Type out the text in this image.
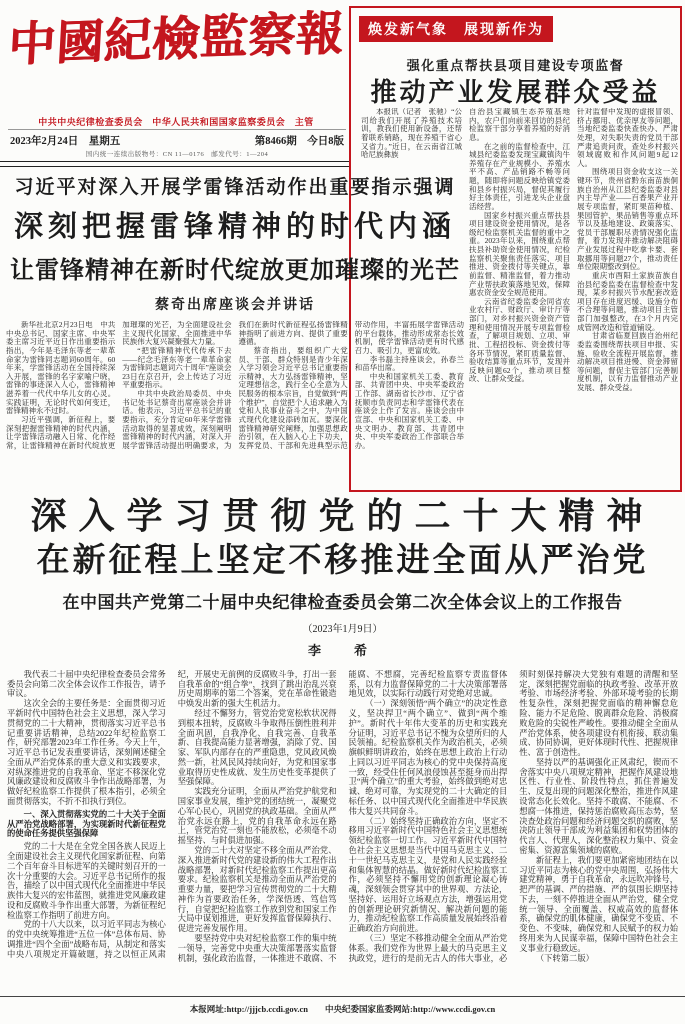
焕发新气象　展现新作为
强化重点帮扶县项目建设专项监督
推动产业发展群众受益

本报讯（记者　张驰）“公司给我们开展了养殖技术培训，教我们使用新设备，还帮着联系销路，现在养殖干省心又省力。”近日，在云南省江城哈尼族彝族

自治县宝藏镇生态养殖基地内，农户们向前来回访的县纪检监察干部分享着养殖的好消息。

在之前的监督检查中，江城县纪委监委发现宝藏镇肉牛养殖存在产业规模小、养殖水平不高、产品销路不畅等问题，随即将问题反映给镇党委和县乡村振兴局，督促其履行好主体责任，引进龙头企业盘活经营。

国家乡村振兴重点帮扶县项目建设资金使用情况，是各级纪检监察机关监督的重中之重。2023年以来，围绕重点帮扶县补助资金使用情况，纪检监察机关聚焦责任落实、项目推进、资金拨付等关键点，靠前监督、精准监督，着力推动产业帮扶政策落地见效，保障惠农资金安全规范使用。

云南省纪委监委会同省农业农村厅、财政厅、审计厅等部门，对乡村振兴资金资产管理和使用情况开展专项监督检查，了解项目规划、立项、审批、工程招投标、资金拨付等各环节情况，紧盯质量监督、验收结算等重点环节，发现并反映问题62个，推动项目整改、让群众受益。

针对监督中发现的虚报冒领、挤占挪用、优亲厚友等问题，当地纪委监委快查快办、严肃处理，对失职失责的党员干部严肃追责问责，查处乡村振兴领域腐败和作风问题9起12人。

围绕项目资金收支这一关键环节，贵州省黔东南苗族侗族自治州从江县纪委监委对县内主导产业——百香果产业开展专项监督，紧盯果苗种植、果园管护、果品销售等重点环节以及基地建设、政策落实、党员干部履职尽责情况强化监督，着力发现并推动解决阻碍产业发展过程中吃拿卡要、套取挪用等问题27个，推动责任单位限期整改到位。

重庆市酉阳土家族苗族自治县纪委监委在监督检查中发现，某乡村振兴节水配套改造项目存在进度迟缓、设施分布不合理等问题，推动项目主管部门加强整改，在3个月内完成管网改造和管道铺设。

甘肃省临夏回族自治州纪委监委围绕帮扶项目申报、实施、验收全流程开展监督，推动解决项目推进慢、资金滞留等问题，督促主管部门完善制度机制，以有力监督推动产业发展、群众受益。

中國紀檢監察報
中共中央纪律检查委员会　中华人民共和国国家监察委员会　主管
2023年2月24日　星期五	第8466期　今日8版
国内统一连续出版物号：CN 11—0176　邮发代号：1—204
习近平对深入开展学雷锋活动作出重要指示强调
深刻把握雷锋精神的时代内涵
让雷锋精神在新时代绽放更加璀璨的光芒
蔡奇出席座谈会并讲话

新华社北京2月23日电　中共中央总书记、国家主席、中央军委主席习近平近日作出重要指示指出，今年是毛泽东等老一辈革命家为雷锋同志题词60周年。60年来，学雷锋活动在全国持续深入开展，雷锋的名字家喻户晓，雷锋的事迹深入人心，雷锋精神滋养着一代代中华儿女的心灵。实践证明，无论时代如何变迁，雷锋精神永不过时。

习近平强调，新征程上，要深刻把握雷锋精神的时代内涵，让学雷锋活动融入日常、化作经常，让雷锋精神在新时代绽放更加璀璨的光芒，为全面建设社会主义现代化国家、全面推进中华民族伟大复兴凝聚强大力量。

“把雷锋精神代代传承下去——纪念毛泽东等老一辈革命家为雷锋同志题词六十周年”座谈会23日在京召开，会上传达了习近平重要指示。

中共中央政治局委员、中央书记处书记蔡奇出席座谈会并讲话。他表示，习近平总书记的重要指示，充分肯定60年来学雷锋活动取得的显著成效，深刻阐明雷锋精神的时代内涵，对深入开展学雷锋活动提出明确要求，为我们在新时代新征程弘扬雷锋精神指明了前进方向、提供了重要遵循。

蔡奇指出，要组织广大党员、干部、群众特别是青少年深入学习领会习近平总书记重要指示精神，大力弘扬雷锋精神，坚定理想信念，践行全心全意为人民服务的根本宗旨，自觉做到“两个维护”，自觉把个人追求融入为党和人民事业奋斗之中，为中国式现代化建设添砖加瓦。要深化雷锋精神研究阐释，加强思想政治引领，在入脑入心上下功夫，发挥党员、干部和先进典型示范带动作用，丰富拓展学雷锋活动的平台载体，推动形成常态长效机制，使学雷锋活动更有时代感召力、吸引力，更富成效。

李书磊主持座谈会，孙春兰和苗华出席。

中央和国家机关工委、教育部、共青团中央、中央军委政治工作部、湖南省长沙市、辽宁省抚顺市负责同志和学雷锋代表在座谈会上作了发言。座谈会由中宣部、中央和国家机关工委、中央文明办、教育部、共青团中央、中央军委政治工作部联合举办。

深入学习贯彻党的二十大精神
在新征程上坚定不移推进全面从严治党
在中国共产党第二十届中央纪律检查委员会第二次全体会议上的工作报告
（2023年1月9日）
李　希

我代表二十届中央纪律检查委员会常务委员会向第二次全体会议作工作报告，请予审议。

这次全会的主要任务是：全面贯彻习近平新时代中国特色社会主义思想，深入学习贯彻党的二十大精神，贯彻落实习近平总书记重要讲话精神，总结2022年纪检监察工作，研究部署2023年工作任务。今天上午，习近平总书记发表重要讲话，深刻阐述健全全面从严治党体系的重大意义和实践要求，对纵深推进党的自我革命、坚定不移深化党风廉政建设和反腐败斗争作出战略部署，为做好纪检监察工作提供了根本指引，必须全面贯彻落实，不折不扣执行到位。

一、深入贯彻落实党的二十大关于全面从严治党战略部署，为实现新时代新征程党的使命任务提供坚强保障

党的二十大是在全党全国各族人民迈上全面建设社会主义现代化国家新征程、向第二个百年奋斗目标进军的关键时刻召开的一次十分重要的大会。习近平总书记所作的报告，描绘了以中国式现代化全面推进中华民族伟大复兴的宏伟蓝图，就推进党风廉政建设和反腐败斗争作出重大部署，为新征程纪检监察工作指明了前进方向。

党的十八大以来，以习近平同志为核心的党中央统筹推进“五位一体”总体布局、协调推进“四个全面”战略布局，从制定和落实中央八项规定开篇破题，持之以恒正风肃纪，开展史无前例的反腐败斗争，打出一套自我革命的“组合拳”，找到了跳出治乱兴衰历史周期率的第二个答案，党在革命性锻造中焕发出新的强大生机活力。

经过不懈努力，管党治党宽松软状况得到根本扭转，反腐败斗争取得压倒性胜利并全面巩固，自我净化、自我完善、自我革新、自我提高能力显著增强，消除了党、国家、军队内部存在的严重隐患，党风政风焕然一新，社风民风持续向好，为党和国家事业取得历史性成就、发生历史性变革提供了坚强保障。

实践充分证明，全面从严治党护航党和国家事业发展，维护党的团结统一，凝聚党心军心民心，巩固党的执政基础。全面从严治党永远在路上，党的自我革命永远在路上，管党治党一刻也不能放松，必须毫不动摇坚持、与时俱进加强。

党的二十大对坚定不移全面从严治党、深入推进新时代党的建设新的伟大工程作出战略部署，对新时代纪检监察工作提出更高要求。纪检监察机关是推动全面从严治党的重要力量，要把学习宣传贯彻党的二十大精神作为首要政治任务，学深悟透、笃信笃行，自觉把纪检监察工作放到党和国家工作大局中谋划推进，更好发挥监督保障执行、促进完善发展作用。

要坚持党中央对纪检监察工作的集中统一领导，完善党中央重大决策部署落实监督机制，强化政治监督，一体推进不敢腐、不能腐、不想腐，完善纪检监察专责监督体系，以有力监督保障党的二十大决策部署落地见效，以实际行动践行对党绝对忠诚。

（一）深刻领悟“两个确立”的决定性意义，坚决捍卫“两个确立”、做到“两个维护”。新时代十年伟大变革的历史和实践充分证明，习近平总书记不愧为众望所归的人民领袖。纪检监察机关作为政治机关，必须旗帜鲜明讲政治，始终在思想上政治上行动上同以习近平同志为核心的党中央保持高度一致，经受住任何风浪侵蚀甚至挺身而出捍卫“两个确立”的重大考验，始终做到绝对忠诚、绝对可靠，为实现党的二十大确定的目标任务、以中国式现代化全面推进中华民族伟大复兴共同奋斗。

（二）始终坚持正确政治方向，坚定不移用习近平新时代中国特色社会主义思想统领纪检监察一切工作。习近平新时代中国特色社会主义思想是当代中国马克思主义、二十一世纪马克思主义，是党和人民实践经验和集体智慧的结晶。做好新时代纪检监察工作，必须坚持不懈用党的创新理论凝心铸魂，深刻领会贯穿其中的世界观、方法论，坚持好、运用好立场观点方法，增强运用党的创新理论研究新情况、解决新问题的能力，推动纪检监察工作高质量发展始终沿着正确政治方向前进。

（三）坚定不移推动健全全面从严治党体系。我们党作为世界上最大的马克思主义执政党，进行的是前无古人的伟大事业，必须时刻保持解决大党独有难题的清醒和坚定，深刻把握党面临的执政考验、改革开放考验、市场经济考验、外部环境考验的长期性复杂性，深刻把握党面临的精神懈怠危险、能力不足危险、脱离群众危险、消极腐败危险的尖锐性严峻性。要推动健全全面从严治党体系，使各项建设有机衔接、联动集成、协同协调，更好体现时代性、把握规律性、富于创造性。

坚持以严的基调强化正风肃纪，锲而不舍落实中央八项规定精神，把握作风建设地区性、行业性、阶段性特点，抓住普遍发生、反复出现的问题深化整治，推进作风建设常态化长效化。坚持不敢腐、不能腐、不想腐一体推进，保持惩治腐败高压态势，坚决查处政治问题和经济问题交织的腐败，坚决防止领导干部成为利益集团和权势团体的代言人、代理人，深化整治权力集中、资金密集、资源富集领域的腐败。

新征程上，我们要更加紧密地团结在以习近平同志为核心的党中央周围，弘扬伟大建党精神，勇于自我革命，永远吹冲锋号，把严的基调、严的措施、严的氛围长期坚持下去，一刻不停推进全面从严治党，健全党统一领导、全面覆盖、权威高效的监督体系，确保党的肌体健康，确保党不变质、不变色、不变味，确保党和人民赋予的权力始终用来为人民谋幸福，保障中国特色社会主义事业行稳致远。

（下转第二版）

本报网址:http://jjjcb.ccdi.gov.cn　　中央纪委国家监委网站:http://www.ccdi.gov.cn
